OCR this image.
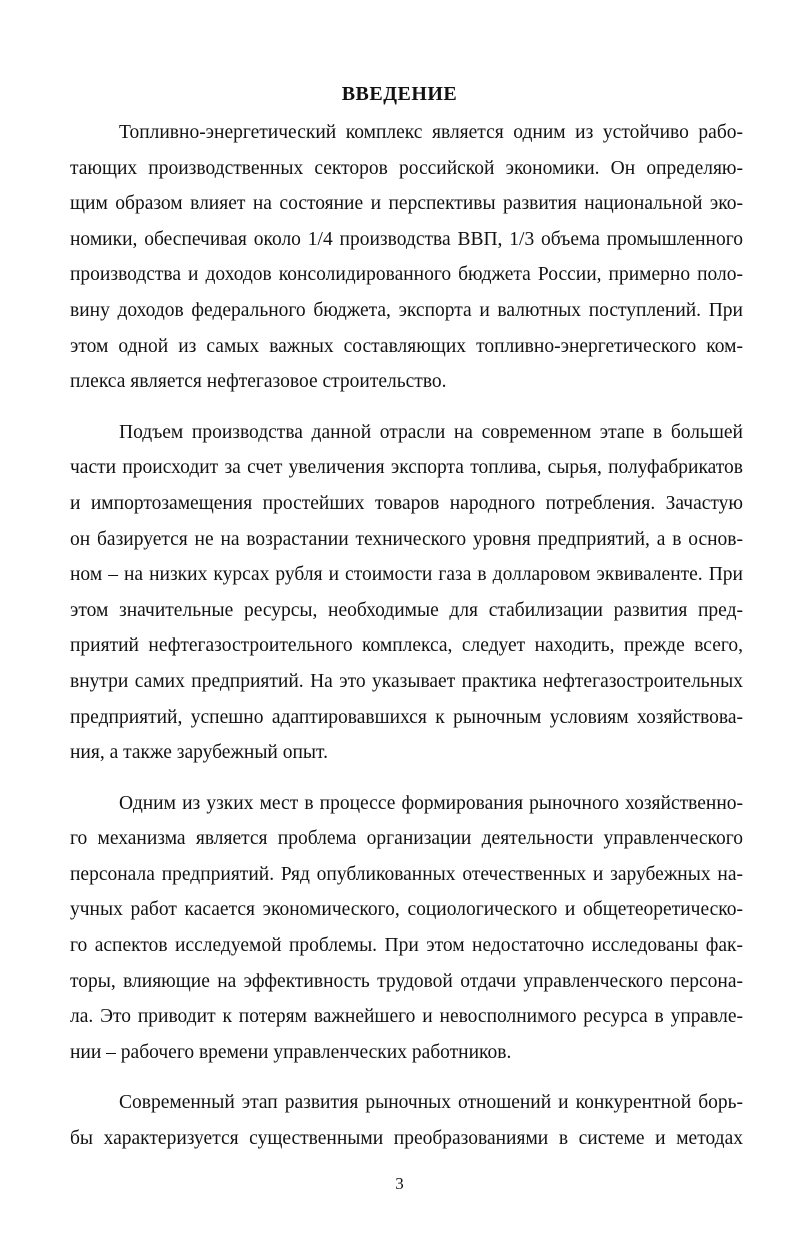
ВВЕДЕНИЕ

Топливно-энергетический комплекс является одним из устойчиво рабо-
тающих производственных секторов российской экономики. Он определяю-
щим образом влияет на состояние и перспективы развития национальной эко-
номики, обеспечивая около 1/4 производства ВВП, 1/3 объема промышленного
производства и доходов консолидированного бюджета России, примерно поло-
вину доходов федерального бюджета, экспорта и валютных поступлений. При
этом одной из самых важных составляющих топливно-энергетического ком-
плекса является нефтегазовое строительство.

Подъем производства данной отрасли на современном этапе в большей
части происходит за счет увеличения экспорта топлива, сырья, полуфабрикатов
и импортозамещения простейших товаров народного потребления. Зачастую
он базируется не на возрастании технического уровня предприятий, а в основ-
ном – на низких курсах рубля и стоимости газа в долларовом эквиваленте. При
этом значительные ресурсы, необходимые для стабилизации развития пред-
приятий нефтегазостроительного комплекса, следует находить, прежде всего,
внутри самих предприятий. На это указывает практика нефтегазостроительных
предприятий, успешно адаптировавшихся к рыночным условиям хозяйствова-
ния, а также зарубежный опыт.

Одним из узких мест в процессе формирования рыночного хозяйственно-
го механизма является проблема организации деятельности управленческого
персонала предприятий. Ряд опубликованных отечественных и зарубежных на-
учных работ касается экономического, социологического и общетеоретическо-
го аспектов исследуемой проблемы. При этом недостаточно исследованы фак-
торы, влияющие на эффективность трудовой отдачи управленческого персона-
ла. Это приводит к потерям важнейшего и невосполнимого ресурса в управле-
нии – рабочего времени управленческих работников.

Современный этап развития рыночных отношений и конкурентной борь-
бы характеризуется существенными преобразованиями в системе и методах

3
